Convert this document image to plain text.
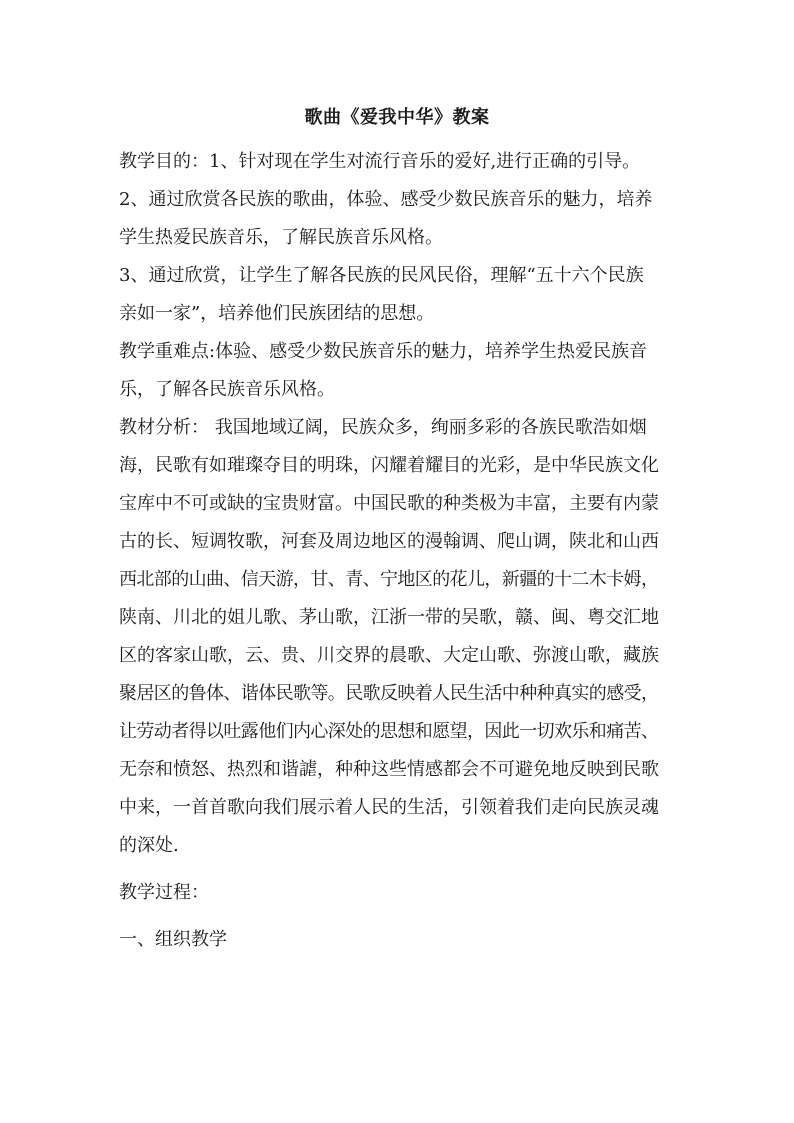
歌曲《爱我中华》教案
教学目的：1、针对现在学生对流行音乐的爱好,进行正确的引导。
2、通过欣赏各民族的歌曲，体验、感受少数民族音乐的魅力，培养
学生热爱民族音乐，了解民族音乐风格。
3、通过欣赏，让学生了解各民族的民风民俗，理解“五十六个民族
亲如一家”，培养他们民族团结的思想。
教学重难点:体验、感受少数民族音乐的魅力，培养学生热爱民族音
乐，了解各民族音乐风格。
教材分析： 我国地域辽阔，民族众多，绚丽多彩的各族民歌浩如烟
海，民歌有如璀璨夺目的明珠，闪耀着耀目的光彩，是中华民族文化
宝库中不可或缺的宝贵财富。中国民歌的种类极为丰富，主要有内蒙
古的长、短调牧歌，河套及周边地区的漫翰调、爬山调，陕北和山西
西北部的山曲、信天游，甘、青、宁地区的花儿，新疆的十二木卡姆，
陕南、川北的姐儿歌、茅山歌，江浙一带的吴歌，赣、闽、粤交汇地
区的客家山歌，云、贵、川交界的晨歌、大定山歌、弥渡山歌，藏族
聚居区的鲁体、谐体民歌等。民歌反映着人民生活中种种真实的感受，
让劳动者得以吐露他们内心深处的思想和愿望，因此一切欢乐和痛苦、
无奈和愤怒、热烈和谐謔，种种这些情感都会不可避免地反映到民歌
中来，一首首歌向我们展示着人民的生活，引领着我们走向民族灵魂
的深处.
教学过程：
一、组织教学
